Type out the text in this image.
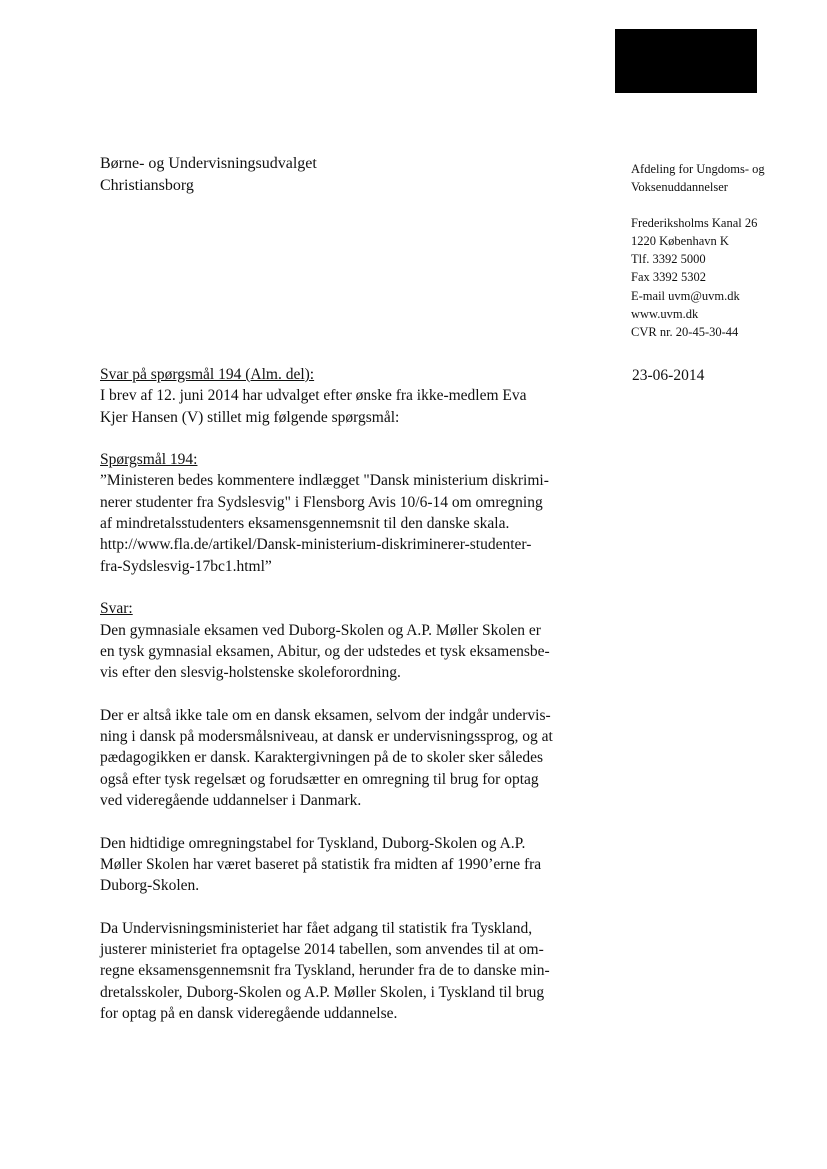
Børne- og Undervisningsudvalget
Christiansborg
Afdeling for Ungdoms- og
Voksenuddannelser
Frederiksholms Kanal 26
1220 København K
Tlf. 3392 5000
Fax 3392 5302
E-mail uvm@uvm.dk
www.uvm.dk
CVR nr. 20-45-30-44
23-06-2014
Svar på spørgsmål 194 (Alm. del):
I brev af 12. juni 2014 har udvalget efter ønske fra ikke-medlem Eva
Kjer Hansen (V) stillet mig følgende spørgsmål:
Spørgsmål 194:
”Ministeren bedes kommentere indlægget "Dansk ministerium diskrimi-
nerer studenter fra Sydslesvig" i Flensborg Avis 10/6-14 om omregning
af mindretalsstudenters eksamensgennemsnit til den danske skala.
http://www.fla.de/artikel/Dansk-ministerium-diskriminerer-studenter-
fra-Sydslesvig-17bc1.html”
Svar:
Den gymnasiale eksamen ved Duborg-Skolen og A.P. Møller Skolen er
en tysk gymnasial eksamen, Abitur, og der udstedes et tysk eksamensbe-
vis efter den slesvig-holstenske skoleforordning.
Der er altså ikke tale om en dansk eksamen, selvom der indgår undervis-
ning i dansk på modersmålsniveau, at dansk er undervisningssprog, og at
pædagogikken er dansk. Karaktergivningen på de to skoler sker således
også efter tysk regelsæt og forudsætter en omregning til brug for optag
ved videregående uddannelser i Danmark.
Den hidtidige omregningstabel for Tyskland, Duborg-Skolen og A.P.
Møller Skolen har været baseret på statistik fra midten af 1990’erne fra
Duborg-Skolen.
Da Undervisningsministeriet har fået adgang til statistik fra Tyskland,
justerer ministeriet fra optagelse 2014 tabellen, som anvendes til at om-
regne eksamensgennemsnit fra Tyskland, herunder fra de to danske min-
dretalsskoler, Duborg-Skolen og A.P. Møller Skolen, i Tyskland til brug
for optag på en dansk videregående uddannelse.
